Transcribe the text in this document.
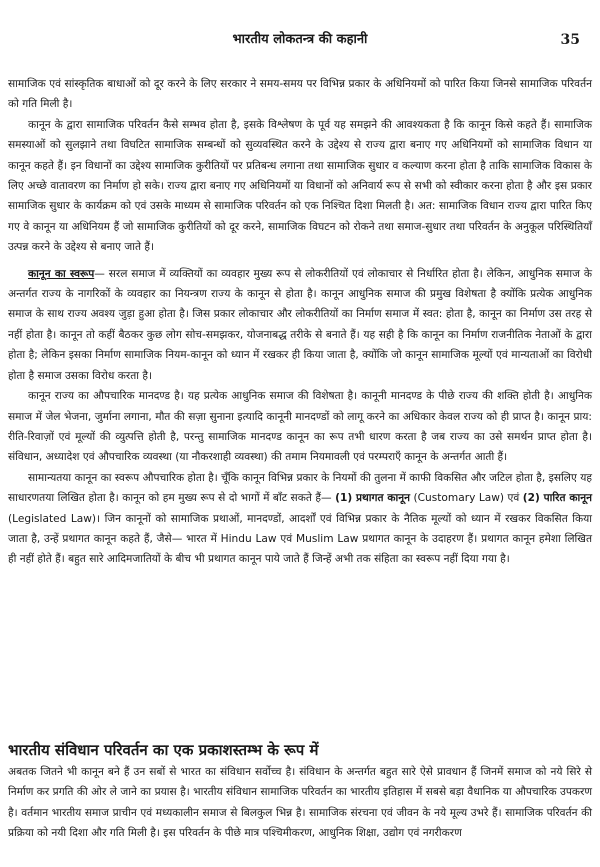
भारतीय लोकतन्त्र की कहानी	35

सामाजिक एवं सांस्कृतिक बाधाओं को दूर करने के लिए सरकार ने समय-समय पर विभिन्न प्रकार के अधिनियमों को पारित किया जिनसे सामाजिक परिवर्तन को गति मिली है।

कानून के द्वारा सामाजिक परिवर्तन कैसे सम्भव होता है, इसके विश्लेषण के पूर्व यह समझने की आवश्यकता है कि कानून किसे कहते हैं। सामाजिक समस्याओं को सुलझाने तथा विघटित सामाजिक सम्बन्धों को सुव्यवस्थित करने के उद्देश्य से राज्य द्वारा बनाए गए अधिनियमों को सामाजिक विधान या कानून कहते हैं। इन विधानों का उद्देश्य सामाजिक कुरीतियों पर प्रतिबन्ध लगाना तथा सामाजिक सुधार व कल्याण करना होता है ताकि सामाजिक विकास के लिए अच्छे वातावरण का निर्माण हो सके। राज्य द्वारा बनाए गए अधिनियमों या विधानों को अनिवार्य रूप से सभी को स्वीकार करना होता है और इस प्रकार सामाजिक सुधार के कार्यक्रम को एवं उसके माध्यम से सामाजिक परिवर्तन को एक निश्चित दिशा मिलती है। अत: सामाजिक विधान राज्य द्वारा पारित किए गए वे कानून या अधिनियम हैं जो सामाजिक कुरीतियों को दूर करने, सामाजिक विघटन को रोकने तथा समाज-सुधार तथा परिवर्तन के अनुकूल परिस्थितियाँ उत्पन्न करने के उद्देश्य से बनाए जाते हैं।

कानून का स्वरूप— सरल समाज में व्यक्तियों का व्यवहार मुख्य रूप से लोकरीतियों एवं लोकाचार से निर्धारित होता है। लेकिन, आधुनिक समाज के अन्तर्गत राज्य के नागरिकों के व्यवहार का नियन्त्रण राज्य के कानून से होता है। कानून आधुनिक समाज की प्रमुख विशेषता है क्योंकि प्रत्येक आधुनिक समाज के साथ राज्य अवश्य जुड़ा हुआ होता है। जिस प्रकार लोकाचार और लोकरीतियों का निर्माण समाज में स्वत: होता है, कानून का निर्माण उस तरह से नहीं होता है। कानून तो कहीं बैठकर कुछ लोग सोच-समझकर, योजनाबद्ध तरीके से बनाते हैं। यह सही है कि कानून का निर्माण राजनीतिक नेताओं के द्वारा होता है; लेकिन इसका निर्माण सामाजिक नियम-कानून को ध्यान में रखकर ही किया जाता है, क्योंकि जो कानून सामाजिक मूल्यों एवं मान्यताओं का विरोधी होता है समाज उसका विरोध करता है।

कानून राज्य का औपचारिक मानदण्ड है। यह प्रत्येक आधुनिक समाज की विशेषता है। कानूनी मानदण्ड के पीछे राज्य की शक्ति होती है। आधुनिक समाज में जेल भेजना, जुर्माना लगाना, मौत की सज़ा सुनाना इत्यादि कानूनी मानदण्डों को लागू करने का अधिकार केवल राज्य को ही प्राप्त है। कानून प्राय: रीति-रिवाज़ों एवं मूल्यों की व्युत्पत्ति होती है, परन्तु सामाजिक मानदण्ड कानून का रूप तभी धारण करता है जब राज्य का उसे समर्थन प्राप्त होता है। संविधान, अध्यादेश एवं औपचारिक व्यवस्था (या नौकरशाही व्यवस्था) की तमाम नियमावली एवं परम्पराएँ कानून के अन्तर्गत आती हैं।

सामान्यतया कानून का स्वरूप औपचारिक होता है। चूँकि कानून विभिन्न प्रकार के नियमों की तुलना में काफी विकसित और जटिल होता है, इसलिए यह साधारणतया लिखित होता है। कानून को हम मुख्य रूप से दो भागों में बाँट सकते हैं— (1) प्रथागत कानून (Customary Law) एवं (2) पारित कानून (Legislated Law)। जिन कानूनों को सामाजिक प्रथाओं, मानदण्डों, आदर्शों एवं विभिन्न प्रकार के नैतिक मूल्यों को ध्यान में रखकर विकसित किया जाता है, उन्हें प्रथागत कानून कहते हैं, जैसे— भारत में Hindu Law एवं Muslim Law प्रथागत कानून के उदाहरण हैं। प्रथागत कानून हमेशा लिखित ही नहीं होते हैं। बहुत सारे आदिमजातियों के बीच भी प्रथागत कानून पाये जाते हैं जिन्हें अभी तक संहिता का स्वरूप नहीं दिया गया है।

भारतीय संविधान परिवर्तन का एक प्रकाशस्तम्भ के रूप में

अबतक जितने भी कानून बने हैं उन सबों से भारत का संविधान सर्वोच्च है। संविधान के अन्तर्गत बहुत सारे ऐसे प्रावधान हैं जिनमें समाज को नये सिरे से निर्माण कर प्रगति की ओर ले जाने का प्रयास है। भारतीय संविधान सामाजिक परिवर्तन का भारतीय इतिहास में सबसे बड़ा वैधानिक या औपचारिक उपकरण है। वर्तमान भारतीय समाज प्राचीन एवं मध्यकालीन समाज से बिलकुल भिन्न है। सामाजिक संरचना एवं जीवन के नये मूल्य उभरे हैं। सामाजिक परिवर्तन की प्रक्रिया को नयी दिशा और गति मिली है। इस परिवर्तन के पीछे मात्र पश्चिमीकरण, आधुनिक शिक्षा, उद्योग एवं नगरीकरण
